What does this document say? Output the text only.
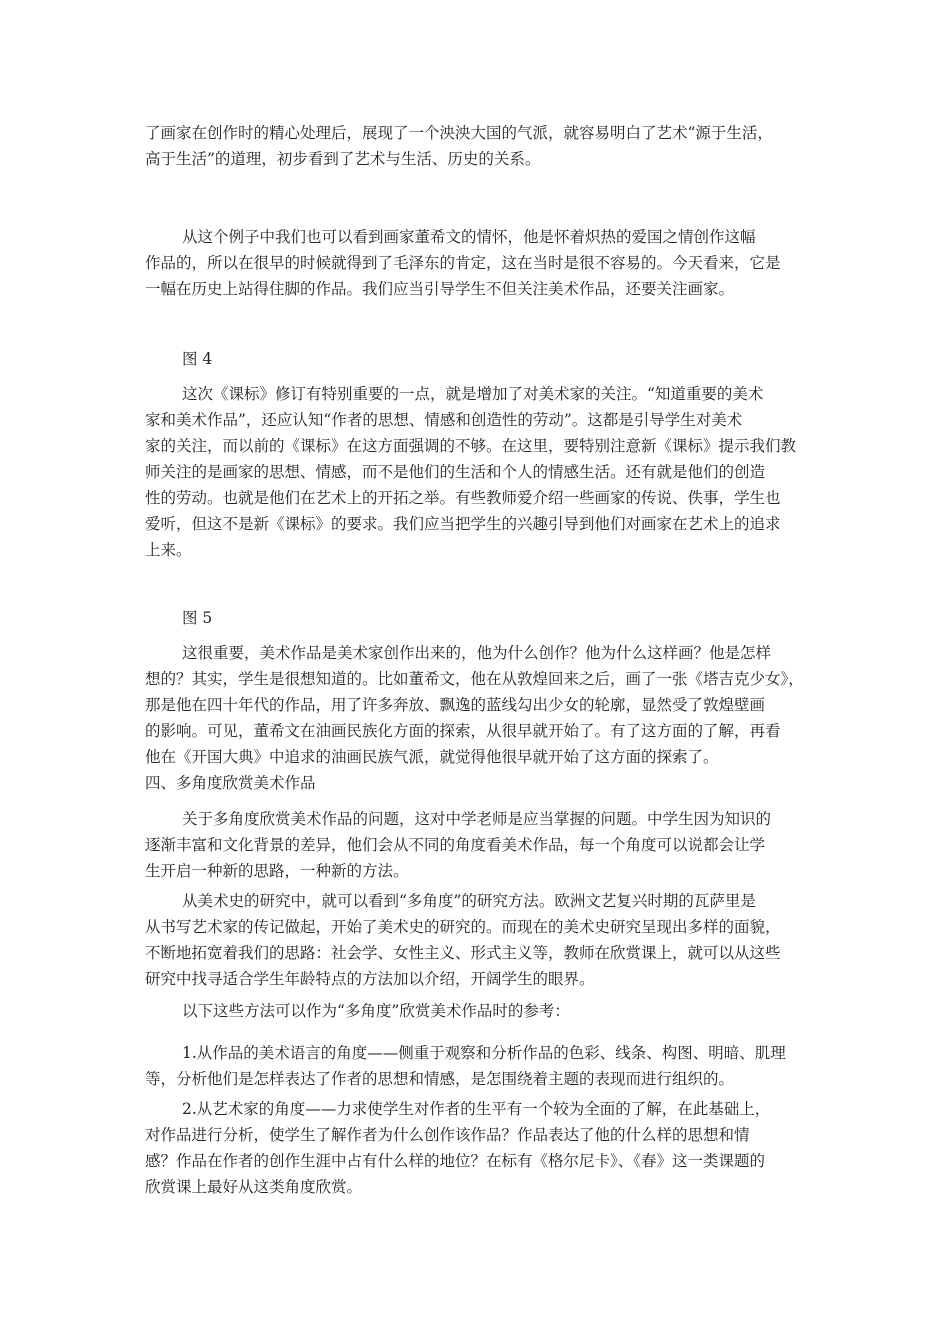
了画家在创作时的精心处理后，展现了一个泱泱大国的气派，就容易明白了艺术“源于生活，
高于生活”的道理，初步看到了艺术与生活、历史的关系。

从这个例子中我们也可以看到画家董希文的情怀，他是怀着炽热的爱国之情创作这幅
作品的，所以在很早的时候就得到了毛泽东的肯定，这在当时是很不容易的。今天看来，它是
一幅在历史上站得住脚的作品。我们应当引导学生不但关注美术作品，还要关注画家。

图 4

这次《课标》修订有特别重要的一点，就是增加了对美术家的关注。“知道重要的美术
家和美术作品”，还应认知“作者的思想、情感和创造性的劳动”。这都是引导学生对美术
家的关注，而以前的《课标》在这方面强调的不够。在这里，要特别注意新《课标》提示我们教
师关注的是画家的思想、情感，而不是他们的生活和个人的情感生活。还有就是他们的创造
性的劳动。也就是他们在艺术上的开拓之举。有些教师爱介绍一些画家的传说、佚事，学生也
爱听，但这不是新《课标》的要求。我们应当把学生的兴趣引导到他们对画家在艺术上的追求
上来。

图 5

这很重要，美术作品是美术家创作出来的，他为什么创作？他为什么这样画？他是怎样
想的？其实，学生是很想知道的。比如董希文，他在从敦煌回来之后，画了一张《塔吉克少女》，
那是他在四十年代的作品，用了许多奔放、飘逸的蓝线勾出少女的轮廓，显然受了敦煌壁画
的影响。可见，董希文在油画民族化方面的探索，从很早就开始了。有了这方面的了解，再看
他在《开国大典》中追求的油画民族气派，就觉得他很早就开始了这方面的探索了。

四、多角度欣赏美术作品

关于多角度欣赏美术作品的问题，这对中学老师是应当掌握的问题。中学生因为知识的
逐渐丰富和文化背景的差异，他们会从不同的角度看美术作品，每一个角度可以说都会让学
生开启一种新的思路，一种新的方法。

从美术史的研究中，就可以看到“多角度”的研究方法。欧洲文艺复兴时期的瓦萨里是
从书写艺术家的传记做起，开始了美术史的研究的。而现在的美术史研究呈现出多样的面貌，
不断地拓宽着我们的思路：社会学、女性主义、形式主义等，教师在欣赏课上，就可以从这些
研究中找寻适合学生年龄特点的方法加以介绍，开阔学生的眼界。

以下这些方法可以作为“多角度”欣赏美术作品时的参考：

1.从作品的美术语言的角度——侧重于观察和分析作品的色彩、线条、构图、明暗、肌理
等，分析他们是怎样表达了作者的思想和情感，是怎围绕着主题的表现而进行组织的。

2.从艺术家的角度——力求使学生对作者的生平有一个较为全面的了解，在此基础上，
对作品进行分析，使学生了解作者为什么创作该作品？作品表达了他的什么样的思想和情
感？作品在作者的创作生涯中占有什么样的地位？在标有《格尔尼卡》、《春》这一类课题的
欣赏课上最好从这类角度欣赏。
